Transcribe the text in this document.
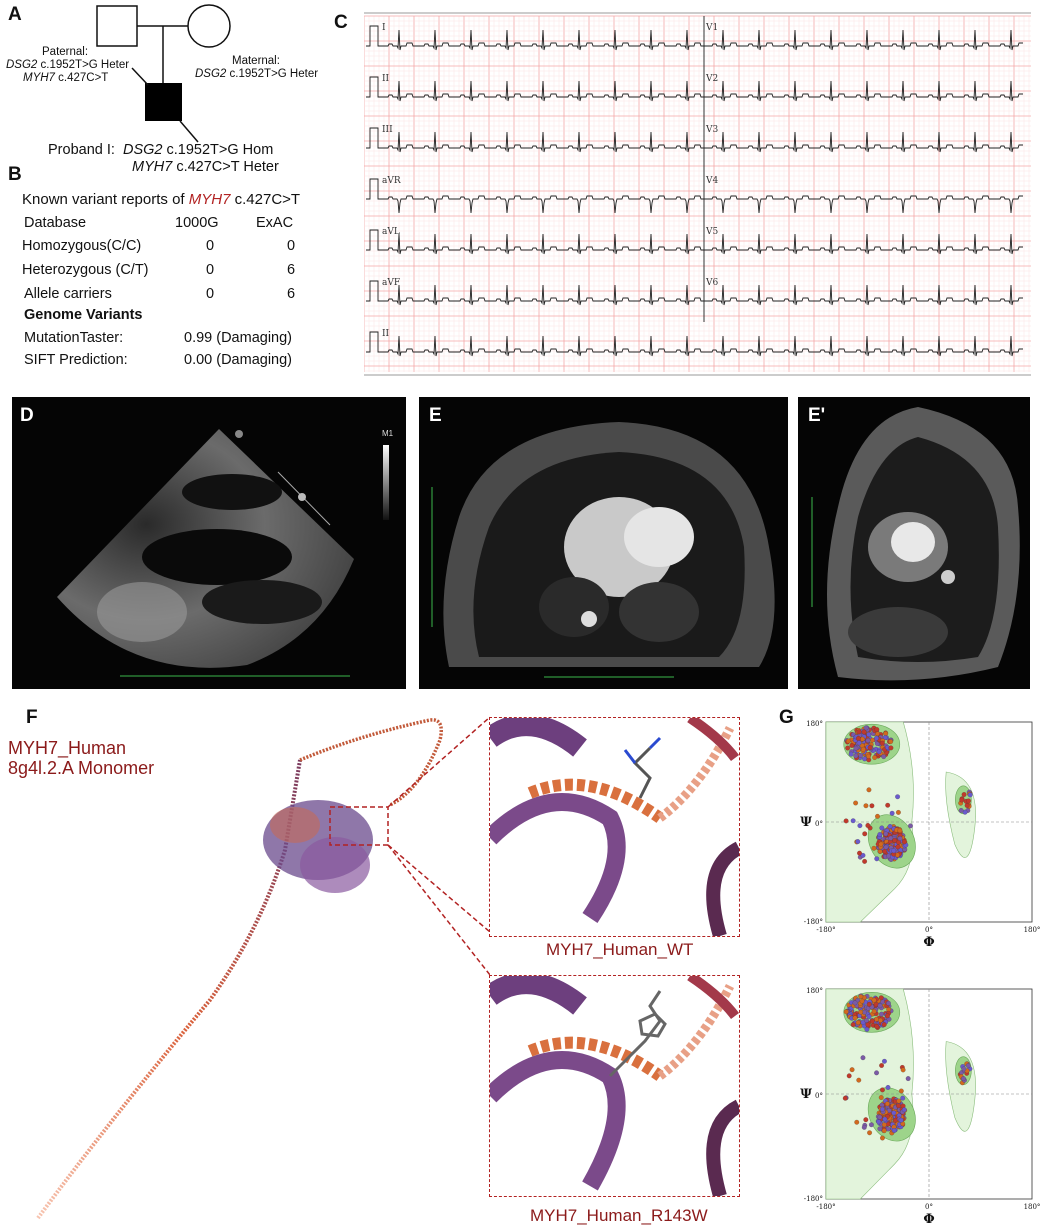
A
Paternal:
DSG2 c.1952T>G Heter
MYH7 c.427C>T
Maternal:
DSG2 c.1952T>G Heter
Proband I: DSG2 c.1952T>G Hom
MYH7 c.427C>T Heter
B
Known variant reports of MYH7 c.427C>T
Database	1000G	ExAC
Homozygous(C/C)	0	0
Heterozygous (C/T)	0	6
Allele carriers	0	6
Genome Variants
MutationTaster:	0.99 (Damaging)
SIFT Prediction:	0.00 (Damaging)
C	I	V1
II	V2
III	V3
aVR	V4
aVL	V5
aVF	V6
II
M1
D	E	E'
F
MYH7_Human
8g4l.2.A Monomer
MYH7_Human_WT
MYH7_Human_R143W
G 180°
-180°
Ψ 0°
-180°	0°	180°
Φ
180°
-180°
Ψ 0°
-180°	0°	180°
Φ
